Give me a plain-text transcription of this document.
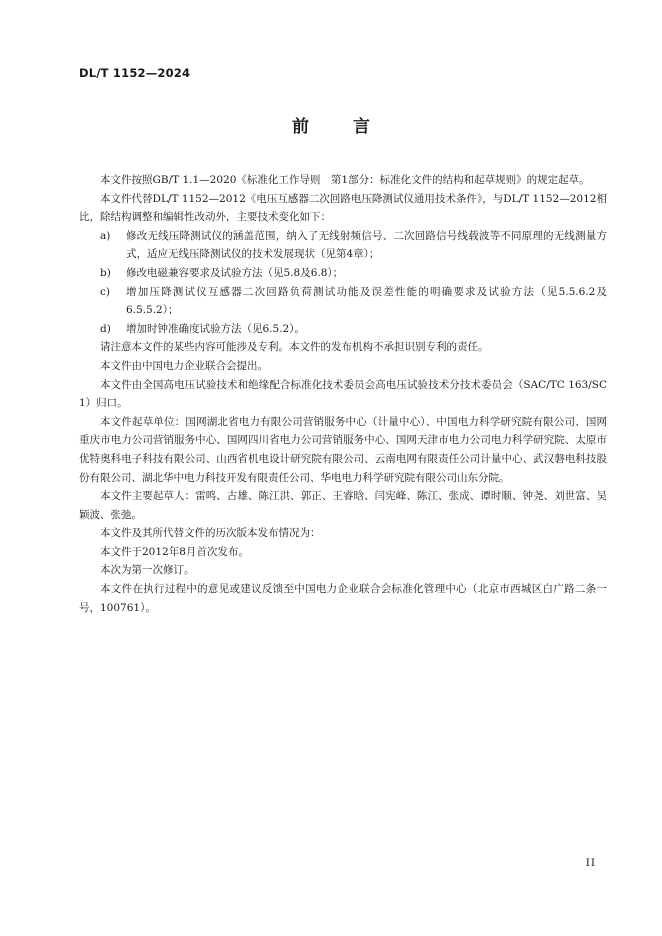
DL/T 1152—2024
前	言

本文件按照GB/T 1.1—2020《标准化工作导则　第1部分：标准化文件的结构和起草规则》的规定起草。

本文件代替DL/T 1152—2012《电压互感器二次回路电压降测试仪通用技术条件》，与DL/T 1152—2012相比，除结构调整和编辑性改动外，主要技术变化如下：

a) 修改无线压降测试仪的涵盖范围，纳入了无线射频信号、二次回路信号线载波等不同原理的无线测量方式，适应无线压降测试仪的技术发展现状（见第4章）；
b) 修改电磁兼容要求及试验方法（见5.8及6.8）；
c) 增加压降测试仪互感器二次回路负荷测试功能及误差性能的明确要求及试验方法（见5.5.6.2及6.5.5.2）；
d) 增加时钟准确度试验方法（见6.5.2）。

请注意本文件的某些内容可能涉及专利。本文件的发布机构不承担识别专利的责任。

本文件由中国电力企业联合会提出。

本文件由全国高电压试验技术和绝缘配合标准化技术委员会高电压试验技术分技术委员会（SAC/TC 163/SC 1）归口。

本文件起草单位：国网湖北省电力有限公司营销服务中心（计量中心）、中国电力科学研究院有限公司、国网重庆市电力公司营销服务中心、国网四川省电力公司营销服务中心、国网天津市电力公司电力科学研究院、太原市优特奥科电子科技有限公司、山西省机电设计研究院有限公司、云南电网有限责任公司计量中心、武汉磐电科技股份有限公司、湖北华中电力科技开发有限责任公司、华电电力科学研究院有限公司山东分院。

本文件主要起草人：雷鸣、古雄、陈江洪、郭正、王睿晗、闫宪峰、陈江、张成、谭时顺、钟尧、刘世富、吴颖波、张弛。

本文件及其所代替文件的历次版本发布情况为：

本文件于2012年8月首次发布。

本次为第一次修订。

本文件在执行过程中的意见或建议反馈至中国电力企业联合会标准化管理中心（北京市西城区白广路二条一号，100761）。

II
